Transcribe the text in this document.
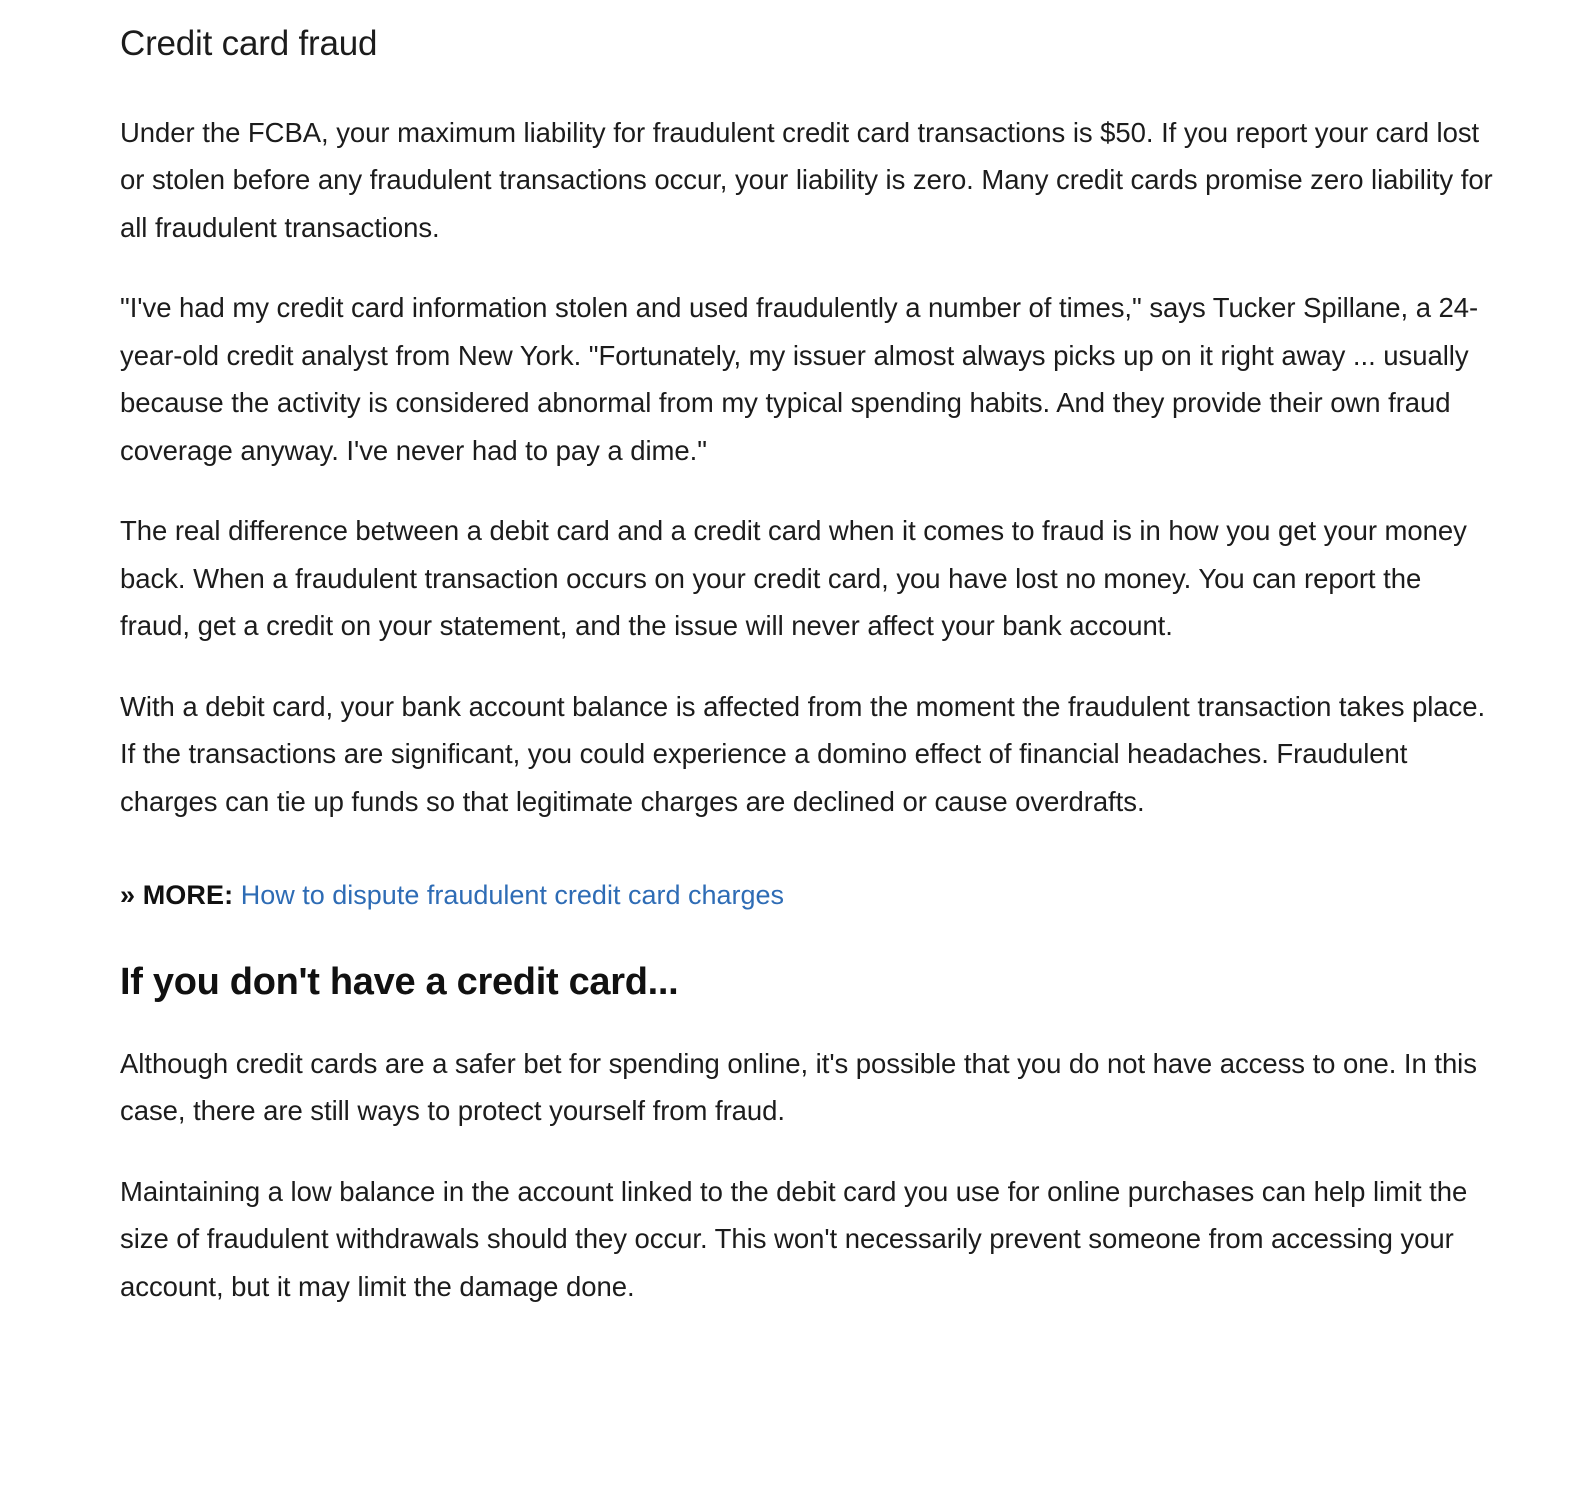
Credit card fraud

Under the FCBA, your maximum liability for fraudulent credit card transactions is $50. If you report your card lost or stolen before any fraudulent transactions occur, your liability is zero. Many credit cards promise zero liability for all fraudulent transactions.

"I've had my credit card information stolen and used fraudulently a number of times," says Tucker Spillane, a 24-year-old credit analyst from New York. "Fortunately, my issuer almost always picks up on it right away ... usually because the activity is considered abnormal from my typical spending habits. And they provide their own fraud coverage anyway. I've never had to pay a dime."

The real difference between a debit card and a credit card when it comes to fraud is in how you get your money back. When a fraudulent transaction occurs on your credit card, you have lost no money. You can report the fraud, get a credit on your statement, and the issue will never affect your bank account.

With a debit card, your bank account balance is affected from the moment the fraudulent transaction takes place. If the transactions are significant, you could experience a domino effect of financial headaches. Fraudulent charges can tie up funds so that legitimate charges are declined or cause overdrafts.

» MORE: How to dispute fraudulent credit card charges

If you don't have a credit card...

Although credit cards are a safer bet for spending online, it's possible that you do not have access to one. In this case, there are still ways to protect yourself from fraud.

Maintaining a low balance in the account linked to the debit card you use for online purchases can help limit the size of fraudulent withdrawals should they occur. This won't necessarily prevent someone from accessing your account, but it may limit the damage done.
